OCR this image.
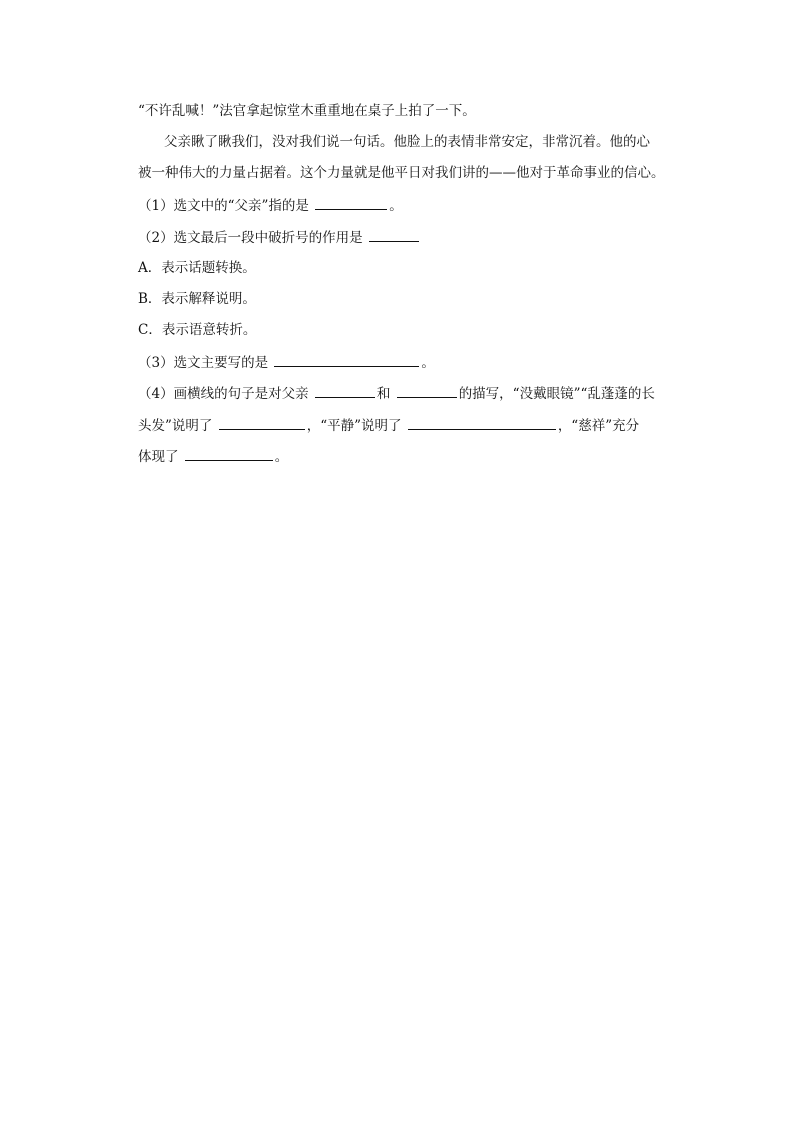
“不许乱喊！”法官拿起惊堂木重重地在桌子上拍了一下。
父亲瞅了瞅我们，没对我们说一句话。他脸上的表情非常安定，非常沉着。他的心
被一种伟大的力量占据着。这个力量就是他平日对我们讲的——他对于革命事业的信心。
（1）选文中的“父亲”指的是	。
（2）选文最后一段中破折号的作用是
A．表示话题转换。
B．表示解释说明。
C．表示语意转折。
（3）选文主要写的是	。
（4）画横线的句子是对父亲	和	的描写，“没戴眼镜”“乱蓬蓬的长
头发”说明了	，“平静”说明了	，“慈祥”充分
体现了	。
